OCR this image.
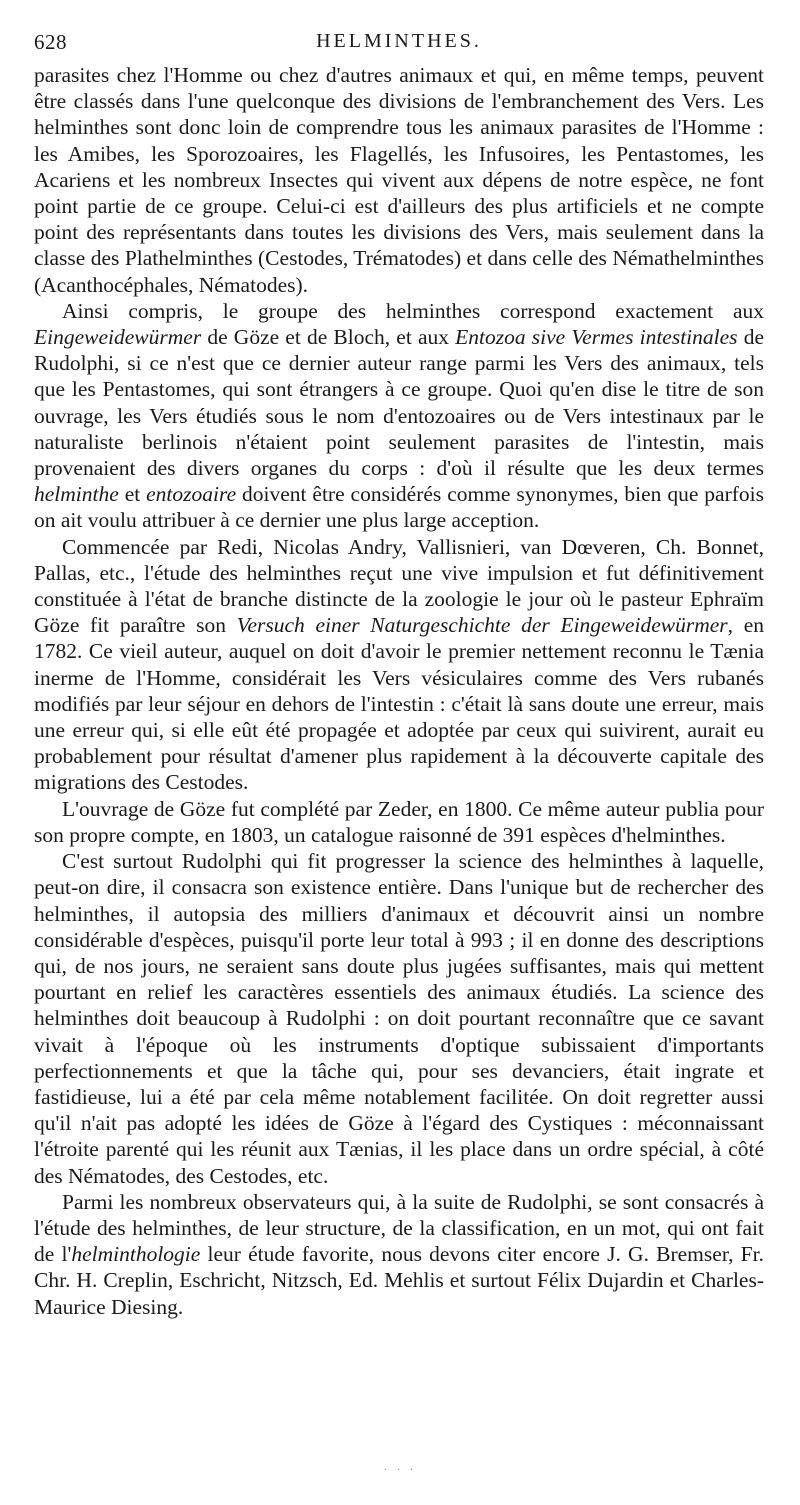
628	HELMINTHES.

parasites chez l'Homme ou chez d'autres animaux et qui, en même temps, peuvent être classés dans l'une quelconque des divisions de l'embranchement des Vers. Les helminthes sont donc loin de comprendre tous les animaux parasites de l'Homme : les Amibes, les Sporozoaires, les Flagellés, les Infusoires, les Pentastomes, les Acariens et les nombreux Insectes qui vivent aux dépens de notre espèce, ne font point partie de ce groupe. Celui-ci est d'ailleurs des plus artificiels et ne compte point des représentants dans toutes les divisions des Vers, mais seulement dans la classe des Plathelminthes (Cestodes, Trématodes) et dans celle des Némathelminthes (Acanthocéphales, Nématodes).

Ainsi compris, le groupe des helminthes correspond exactement aux Eingeweidewürmer de Göze et de Bloch, et aux Entozoa sive Vermes intestinales de Rudolphi, si ce n'est que ce dernier auteur range parmi les Vers des animaux, tels que les Pentastomes, qui sont étrangers à ce groupe. Quoi qu'en dise le titre de son ouvrage, les Vers étudiés sous le nom d'entozoaires ou de Vers intestinaux par le naturaliste berlinois n'étaient point seulement parasites de l'intestin, mais provenaient des divers organes du corps : d'où il résulte que les deux termes helminthe et entozoaire doivent être considérés comme synonymes, bien que parfois on ait voulu attribuer à ce dernier une plus large acception.

Commencée par Redi, Nicolas Andry, Vallisnieri, van Dœveren, Ch. Bonnet, Pallas, etc., l'étude des helminthes reçut une vive impulsion et fut définitivement constituée à l'état de branche distincte de la zoologie le jour où le pasteur Ephraïm Göze fit paraître son Versuch einer Naturgeschichte der Eingeweidewürmer, en 1782. Ce vieil auteur, auquel on doit d'avoir le premier nettement reconnu le Tænia inerme de l'Homme, considérait les Vers vésiculaires comme des Vers rubanés modifiés par leur séjour en dehors de l'intestin : c'était là sans doute une erreur, mais une erreur qui, si elle eût été propagée et adoptée par ceux qui suivirent, aurait eu probablement pour résultat d'amener plus rapidement à la découverte capitale des migrations des Cestodes.

L'ouvrage de Göze fut complété par Zeder, en 1800. Ce même auteur publia pour son propre compte, en 1803, un catalogue raisonné de 391 espèces d'helminthes.

C'est surtout Rudolphi qui fit progresser la science des helminthes à laquelle, peut-on dire, il consacra son existence entière. Dans l'unique but de rechercher des helminthes, il autopsia des milliers d'animaux et découvrit ainsi un nombre considérable d'espèces, puisqu'il porte leur total à 993 ; il en donne des descriptions qui, de nos jours, ne seraient sans doute plus jugées suffisantes, mais qui mettent pourtant en relief les caractères essentiels des animaux étudiés. La science des helminthes doit beaucoup à Rudolphi : on doit pourtant reconnaître que ce savant vivait à l'époque où les instruments d'optique subissaient d'importants perfectionnements et que la tâche qui, pour ses devanciers, était ingrate et fastidieuse, lui a été par cela même notablement facilitée. On doit regretter aussi qu'il n'ait pas adopté les idées de Göze à l'égard des Cystiques : méconnaissant l'étroite parenté qui les réunit aux Tænias, il les place dans un ordre spécial, à côté des Nématodes, des Cestodes, etc.

Parmi les nombreux observateurs qui, à la suite de Rudolphi, se sont consacrés à l'étude des helminthes, de leur structure, de la classification, en un mot, qui ont fait de l'helminthologie leur étude favorite, nous devons citer encore J. G. Bremser, Fr. Chr. H. Creplin, Eschricht, Nitzsch, Ed. Mehlis et surtout Félix Dujardin et Charles-Maurice Diesing.

· · ·
